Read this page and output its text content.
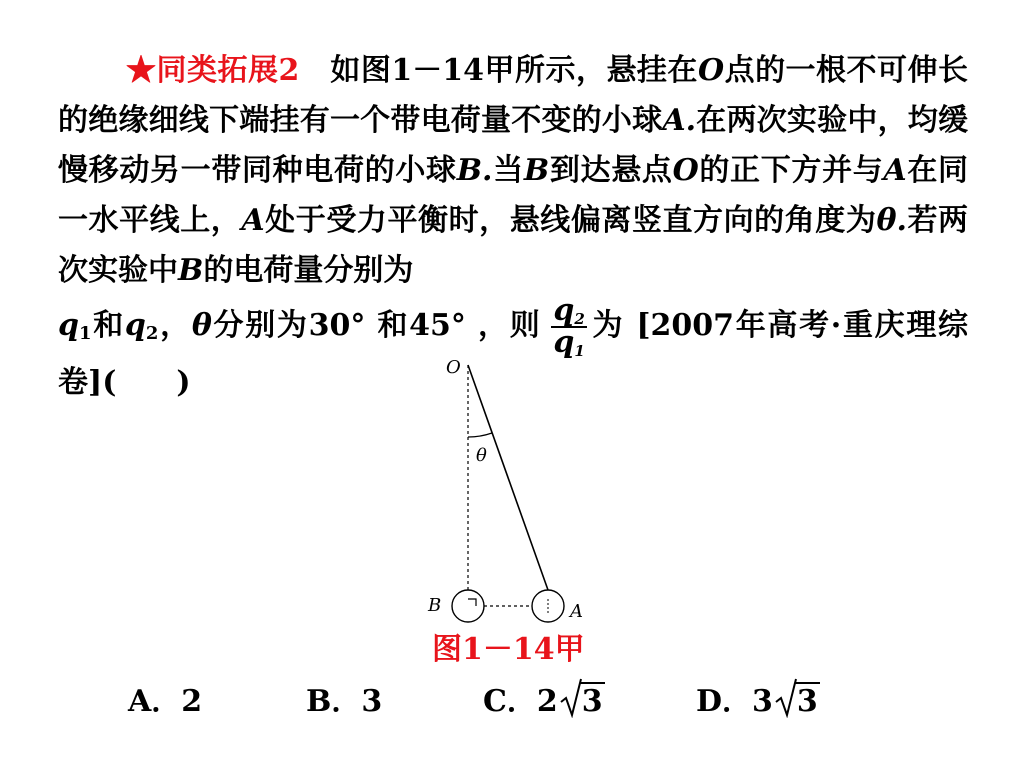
★同类拓展2　 如图1－14甲所示，悬挂在O点的一根不可伸长的绝缘细线下端挂有一个带电荷量不变的小球A.在两次实验中，均缓慢移动另一带同种电荷的小球B.当B到达悬点O的正下方并与A在同一水平线上，A处于受力平衡时，悬线偏离竖直方向的角度为θ.若两次实验中B的电荷量分别为
$q_1$和$q_2$，θ分别为30° 和45° ，则 $\frac{q_2}{q_1}$ 为 [2007年高考·重庆理综卷](　　)	O
θ
B	A
图1－14甲
A．2	B．3	C．2 3	D．3 3
